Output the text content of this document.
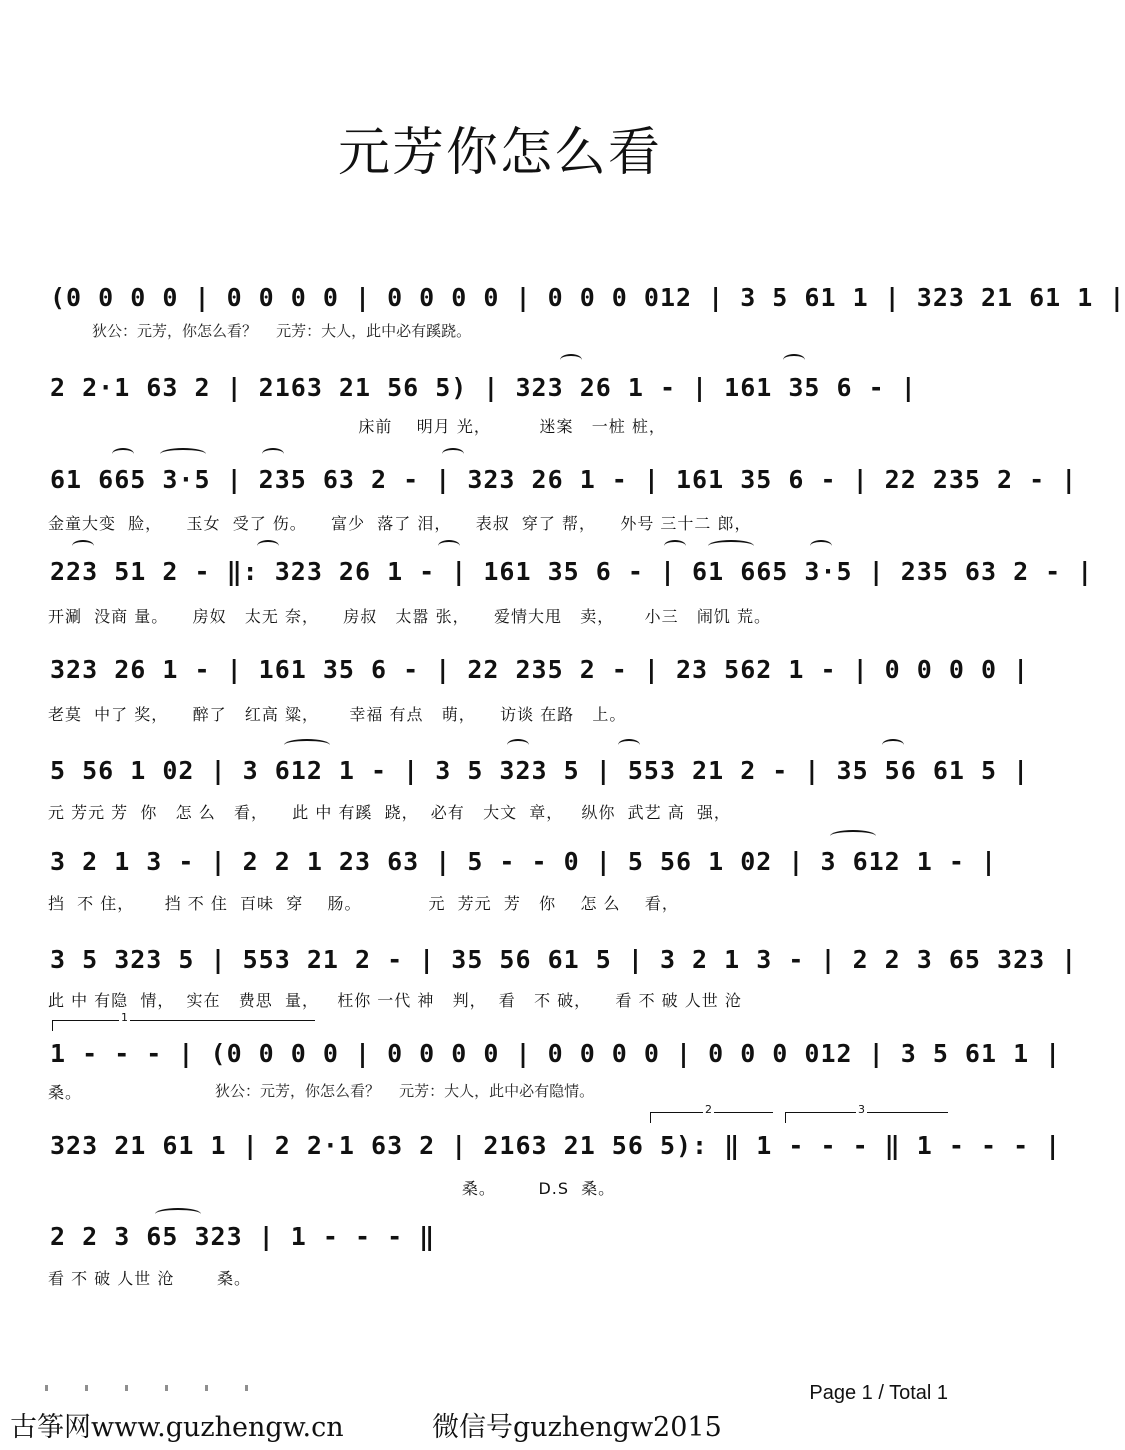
元芳你怎么看
(0 0 0 0 | 0 0 0 0 | 0 0 0 0 | 0 0 0 012 | 3 5 61 1 | 323 21 61 1 |
狄公：元芳，你怎么看？    元芳：大人，此中必有蹊跷。
2 2·1 63 2 | 2163 21 56 5) | 323 26 1 - | 161 35 6 - |
床前    明月 光，        迷案   一桩 桩，
61 665 3·5 | 235 63 2 - | 323 26 1 - | 161 35 6 - | 22 235 2 - |
金童大变  脸，    玉女  受了 伤。    富少  落了 泪，    表叔  穿了 帮，    外号 三十二 郎，
223 51 2 - ‖: 323 26 1 - | 161 35 6 - | 61 665 3·5 | 235 63 2 - |
开涮  没商 量。    房奴   太无 奈，    房叔   太嚣 张，    爱情大甩   卖，     小三   闹饥 荒。
323 26 1 - | 161 35 6 - | 22 235 2 - | 23 562 1 - | 0 0 0 0 |
老莫  中了 奖，    醉了   红高 粱，     幸福 有点   萌，    访谈 在路   上。
5 56 1 02 | 3 612 1 - | 3 5 323 5 | 553 21 2 - | 35 56 61 5 |
元 芳元 芳  你   怎 么   看，    此 中 有蹊  跷，  必有   大文  章，   纵你  武艺 高  强，
3 2 1 3 - | 2 2 1 23 63 | 5 - - 0 | 5 56 1 02 | 3 612 1 - |
挡  不 住，     挡 不 住  百味  穿    肠。           元  芳元  芳   你    怎 么    看，
3 5 323 5 | 553 21 2 - | 35 56 61 5 | 3 2 1 3 - | 2 2 3 65 323 |
此 中 有隐  情，  实在   费思  量，   枉你 一代 神   判，  看   不 破，    看 不 破 人世 沧
1
1 - - - | (0 0 0 0 | 0 0 0 0 | 0 0 0 0 | 0 0 0 012 | 3 5 61 1 |
桑。	狄公：元芳，你怎么看？    元芳：大人，此中必有隐情。
2	3
323 21 61 1 | 2 2·1 63 2 | 2163 21 56 5): ‖ 1 - - - ‖ 1 - - - |
桑。       D.S  桑。
2 2 3 65 323 | 1 - - - ‖
看 不 破 人世 沧       桑。
Page 1 / Total 1
古筝网www.guzhengw.cn	微信号guzhengw2015
